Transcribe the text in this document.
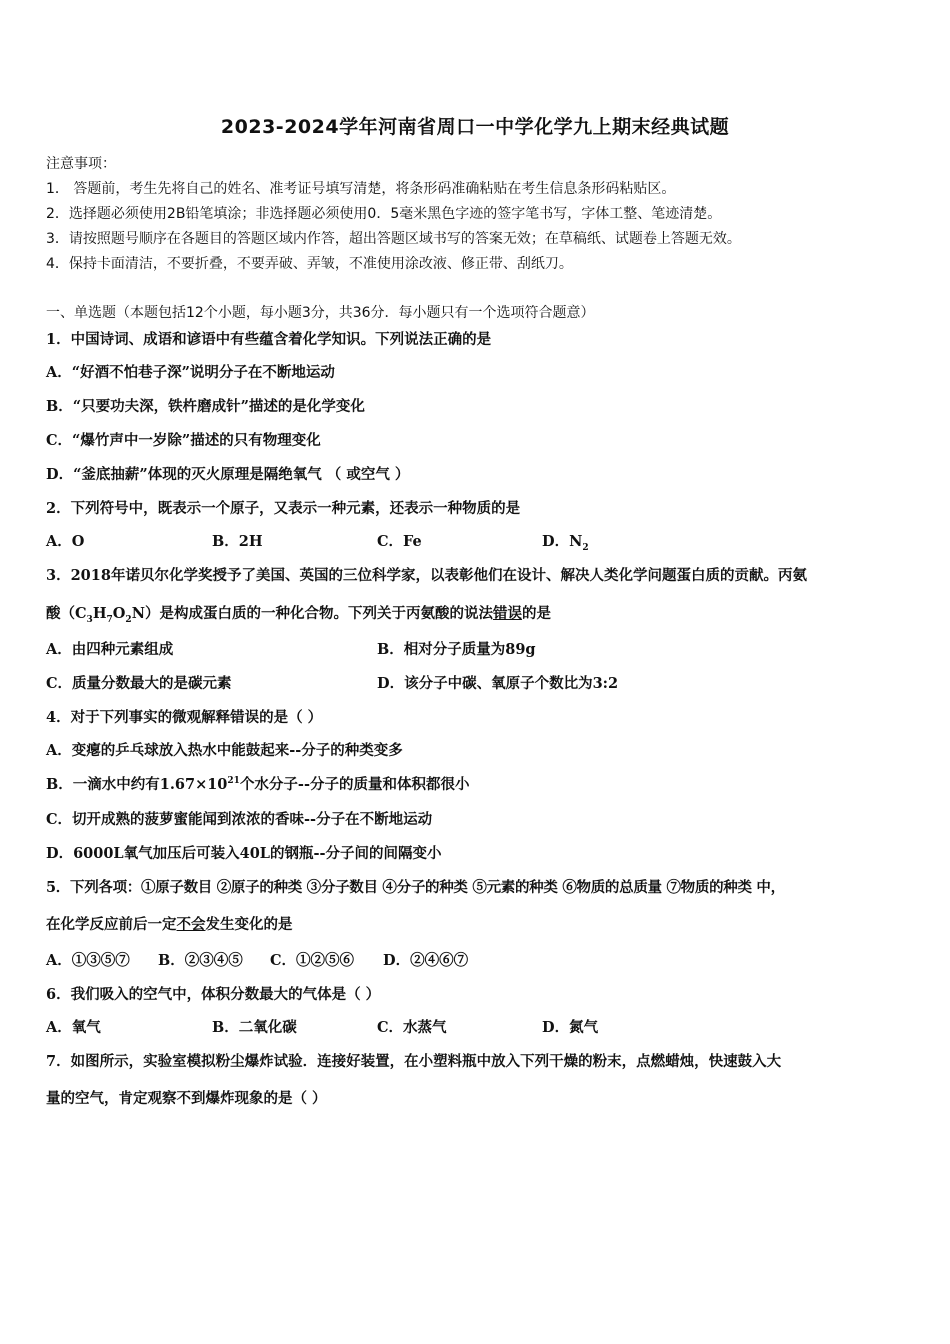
2023-2024学年河南省周口一中学化学九上期末经典试题
注意事项：
1． 答题前，考生先将自己的姓名、准考证号填写清楚，将条形码准确粘贴在考生信息条形码粘贴区。
2．选择题必须使用2B铅笔填涂；非选择题必须使用0．5毫米黑色字迹的签字笔书写，字体工整、笔迹清楚。
3．请按照题号顺序在各题目的答题区域内作答，超出答题区域书写的答案无效；在草稿纸、试题卷上答题无效。
4．保持卡面清洁，不要折叠，不要弄破、弄皱，不准使用涂改液、修正带、刮纸刀。
一、单选题（本题包括12个小题，每小题3分，共36分．每小题只有一个选项符合题意）
1．中国诗词、成语和谚语中有些蕴含着化学知识。下列说法正确的是
A．“好酒不怕巷子深”说明分子在不断地运动
B．“只要功夫深，铁杵磨成针”描述的是化学变化
C．“爆竹声中一岁除”描述的只有物理变化
D．“釜底抽薪”体现的灭火原理是隔绝氧气 （ 或空气 ）
2．下列符号中，既表示一个原子，又表示一种元素，还表示一种物质的是
A．O	B．2H	C．Fe	D．$N_2$
3．2018年诺贝尔化学奖授予了美国、英国的三位科学家，以表彰他们在设计、解决人类化学问题蛋白质的贡献。丙氨
酸$(C_3H_7O_2N)$是构成蛋白质的一种化合物。下列关于丙氨酸的说法错误的是
A．由四种元素组成	B．相对分子质量为89g
C．质量分数最大的是碳元素	D．该分子中碳、氧原子个数比为3:2
4．对于下列事实的微观解释错误的是（ ）
A．变瘪的乒乓球放入热水中能鼓起来--分子的种类变多
B．一滴水中约有$1.67\times 10^{21}$个水分子--分子的质量和体积都很小
C．切开成熟的菠萝蜜能闻到浓浓的香味--分子在不断地运动
D．6000L氧气加压后可装入40L的钢瓶--分子间的间隔变小
5．下列各项：①原子数目 ②原子的种类 ③分子数目 ④分子的种类 ⑤元素的种类 ⑥物质的总质量 ⑦物质的种类 中，
在化学反应前后一定不会发生变化的是
A．①③⑤⑦ B．②③④⑤ C．①②⑤⑥ D．②④⑥⑦
6．我们吸入的空气中，体积分数最大的气体是（ ）
A．氧气	B．二氧化碳	C．水蒸气	D．氮气
7．如图所示，实验室模拟粉尘爆炸试验．连接好装置，在小塑料瓶中放入下列干燥的粉末，点燃蜡烛，快速鼓入大
量的空气，肯定观察不到爆炸现象的是（ ）
